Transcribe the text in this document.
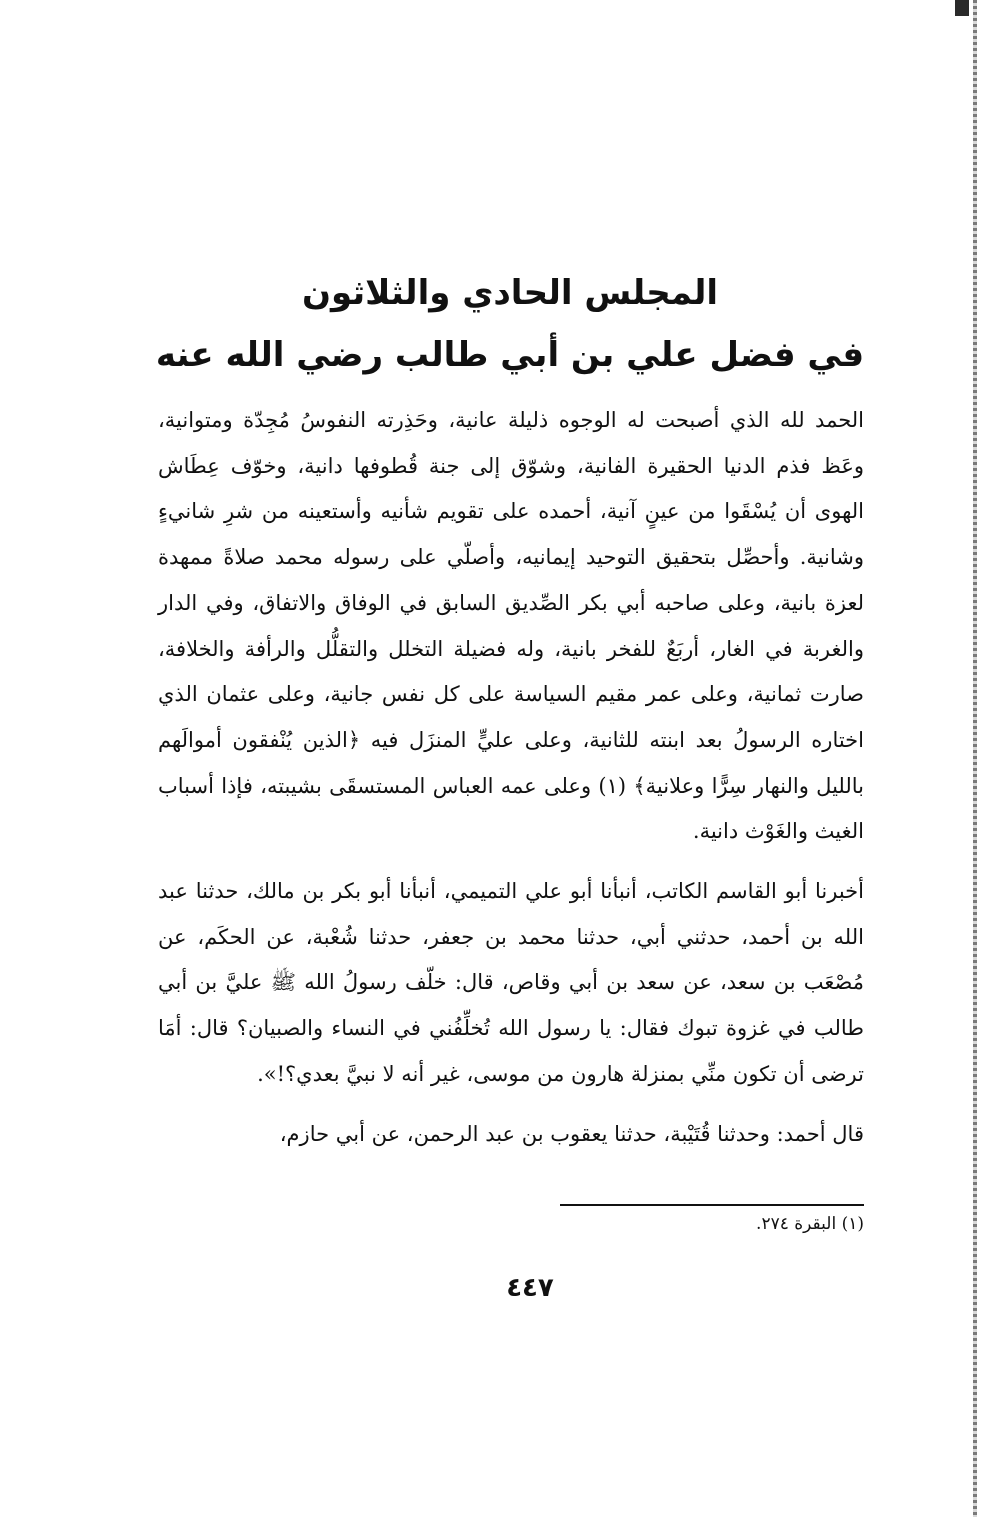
المجلس الحادي والثلاثون
في فضل علي بن أبي طالب رضي الله عنه

الحمد لله الذي أصبحت له الوجوه ذليلة عانية، وحَذِرته النفوسُ مُجِدّة ومتوانية، وعَظ فذم الدنيا الحقيرة الفانية، وشوّق إلى جنة قُطوفها دانية، وخوّف عِطَاش الهوى أن يُسْقَوا من عينٍ آنية، أحمده على تقويم شأنيه وأستعينه من شرِ شانيءٍ وشانية. وأحصِّل بتحقيق التوحيد إيمانيه، وأصلّي على رسوله محمد صلاةً ممهدة لعزة بانية، وعلى صاحبه أبي بكر الصِّديق السابق في الوفاق والاتفاق، وفي الدار والغربة في الغار، أربَعٌ للفخر بانية، وله فضيلة التخلل والتقلُّل والرأفة والخلافة، صارت ثمانية، وعلى عمر مقيم السياسة على كل نفس جانية، وعلى عثمان الذي اختاره الرسولُ بعد ابنته للثانية، وعلى عليٍّ المنزَل فيه ﴿الذين يُنْفقون أموالَهم بالليل والنهار سِرًّا وعلانية﴾ (١) وعلى عمه العباس المستسقَى بشيبته، فإذا أسباب الغيث والغَوْث دانية.

أخبرنا أبو القاسم الكاتب، أنبأنا أبو علي التميمي، أنبأنا أبو بكر بن مالك، حدثنا عبد الله بن أحمد، حدثني أبي، حدثنا محمد بن جعفر، حدثنا شُعْبة، عن الحكَم، عن مُصْعَب بن سعد، عن سعد بن أبي وقاص، قال: خلّف رسولُ الله ﷺ عليَّ بن أبي طالب في غزوة تبوك فقال: يا رسول الله تُخلِّفُني في النساء والصبيان؟ قال: أمَا ترضى أن تكون منِّي بمنزلة هارون من موسى، غير أنه لا نبيَّ بعدي؟!».

قال أحمد: وحدثنا قُتَيْبة، حدثنا يعقوب بن عبد الرحمن، عن أبي حازم،

(١) البقرة ٢٧٤.
٤٤٧
